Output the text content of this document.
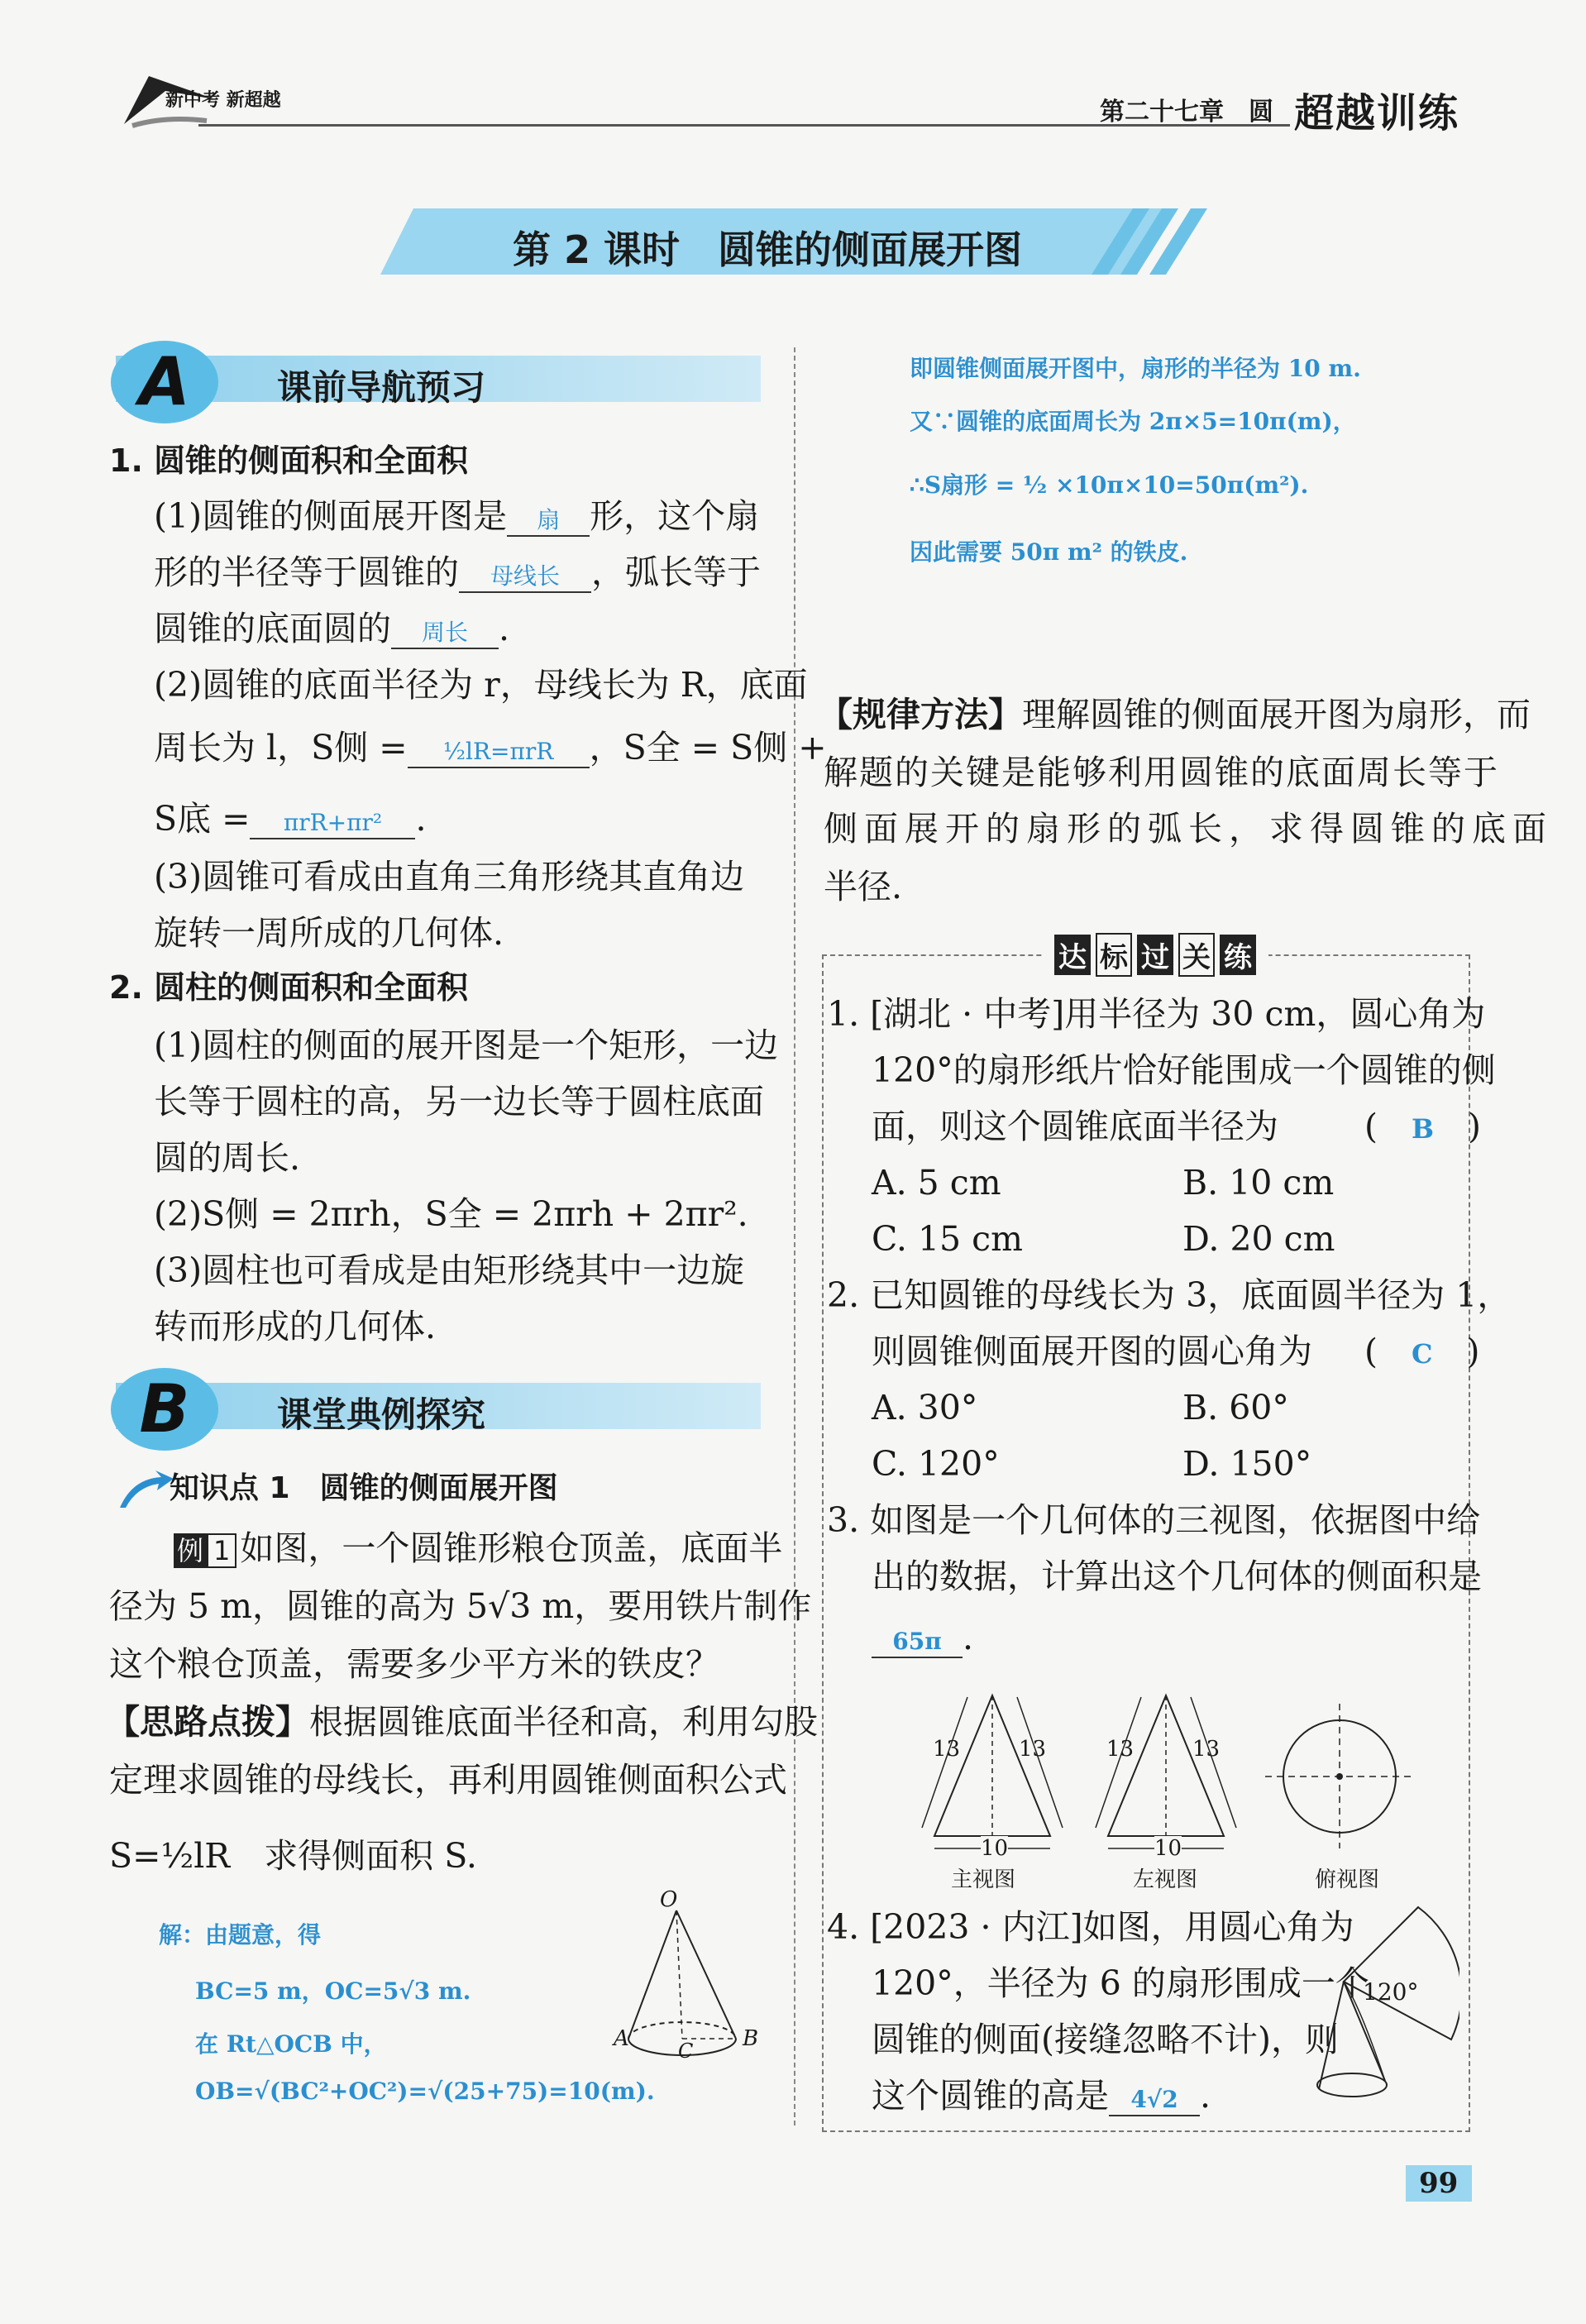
新中考 新超越	第二十七章　圆 超越训练
第 2 课时　圆锥的侧面展开图
A	课前导航预习
1. 圆锥的侧面积和全面积
(1)圆锥的侧面展开图是 扇 形，这个扇
形的半径等于圆锥的 母线长 ，弧长等于
圆锥的底面圆的 周长 .
(2)圆锥的底面半径为 r，母线长为 R，底面
周长为 l，S侧 = ½lR=πrR ，S全 = S侧 +
S底 = πrR+πr² .
(3)圆锥可看成由直角三角形绕其直角边
旋转一周所成的几何体.
2. 圆柱的侧面积和全面积
(1)圆柱的侧面的展开图是一个矩形，一边
长等于圆柱的高，另一边长等于圆柱底面
圆的周长.
(2)S侧 = 2πrh，S全 = 2πrh + 2πr².
(3)圆柱也可看成是由矩形绕其中一边旋
转而形成的几何体.
B	课堂典例探究
知识点 1　圆锥的侧面展开图
例 1 如图，一个圆锥形粮仓顶盖，底面半
径为 5 m，圆锥的高为 5√3 m，要用铁片制作
这个粮仓顶盖，需要多少平方米的铁皮？
【思路点拨】根据圆锥底面半径和高，利用勾股
定理求圆锥的母线长，再利用圆锥侧面积公式
S=½lR　 求得侧面积 S.
解：由题意，得
BC=5 m，OC=5√3 m.
在 Rt△OCB 中，
OB=√(BC²+OC²)=√(25+75)=10(m).
O
A	B
C
即圆锥侧面展开图中，扇形的半径为 10 m.
又∵圆锥的底面周长为 2π×5=10π(m)，
∴S扇形 = ½ ×10π×10=50π(m²).
因此需要 50π m² 的铁皮.
【规律方法】理解圆锥的侧面展开图为扇形，而
解题的关键是能够利用圆锥的底面周长等于
侧面展开的扇形的弧长，求得圆锥的底面
半径.
达 标 过 关 练
1. [湖北 · 中考]用半径为 30 cm，圆心角为
120°的扇形纸片恰好能围成一个圆锥的侧
面，则这个圆锥底面半径为	(　B　)
A. 5 cm	B. 10 cm
C. 15 cm	D. 20 cm
2. 已知圆锥的母线长为 3，底面圆半径为 1，
则圆锥侧面展开图的圆心角为 (　C　)
A. 30°	B. 60°
C. 120°	D. 150°
3. 如图是一个几何体的三视图，依据图中给
出的数据，计算出这个几何体的侧面积是
65π .
13	13
10
13	13
10
主视图	左视图	俯视图
4. [2023 · 内江]如图，用圆心角为
120°，半径为 6 的扇形围成一个
圆锥的侧面(接缝忽略不计)，则
这个圆锥的高是 4√2 .
120°
99
